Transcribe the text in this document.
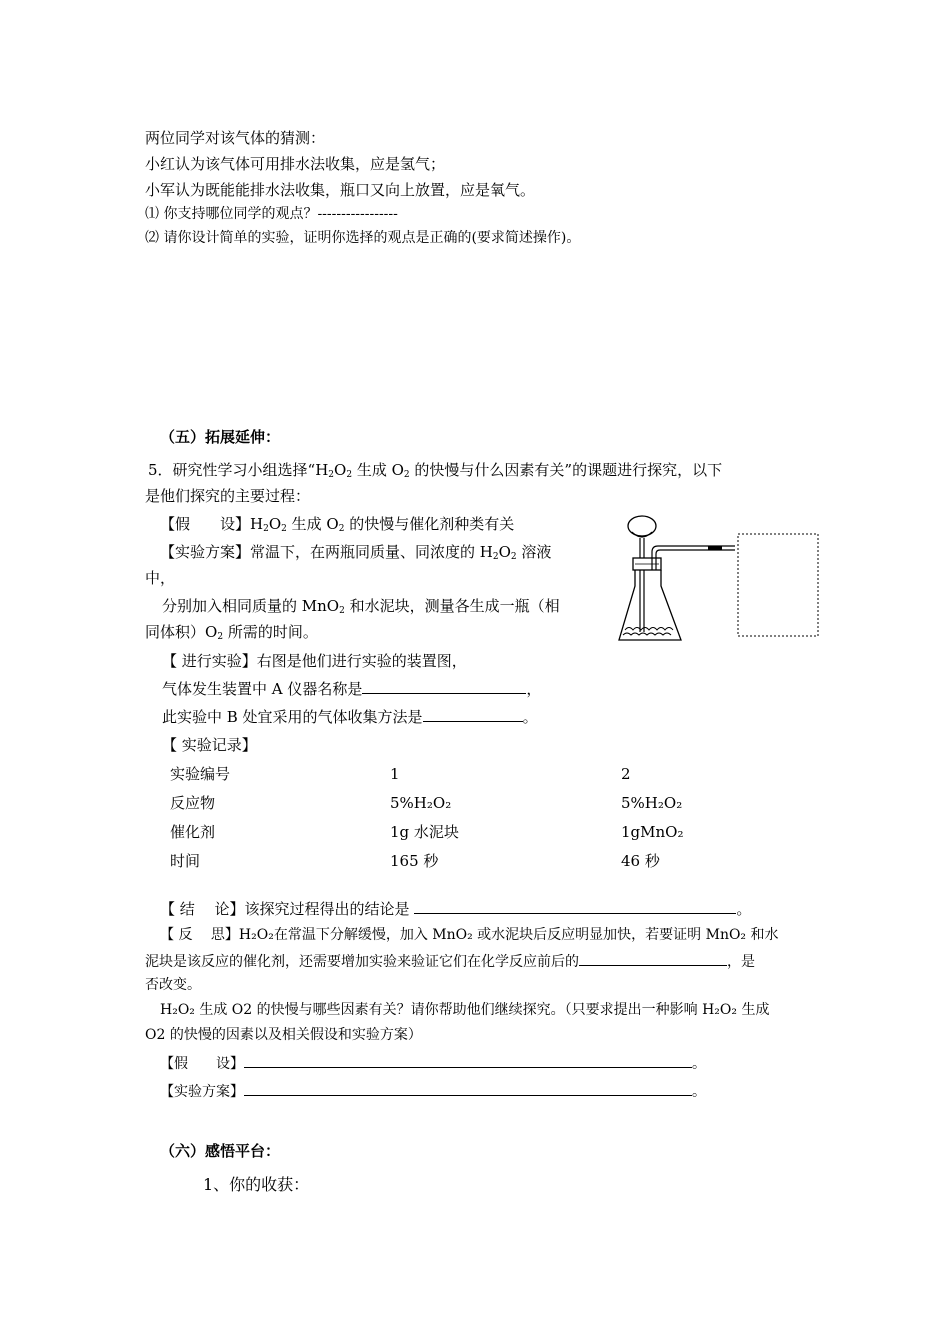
两位同学对该气体的猜测：
小红认为该气体可用排水法收集，应是氢气；
小军认为既能能排水法收集，瓶口又向上放置，应是氧气。
⑴ 你支持哪位同学的观点？-----------------
⑵ 请你设计简单的实验，证明你选择的观点是正确的(要求简述操作)。
（五）拓展延伸：
5．研究性学习小组选择“$H_2O_2$ 生成 $O_2$ 的快慢与什么因素有关”的课题进行探究，以下
是他们探究的主要过程：
【假　　设】$H_2O_2$ 生成 $O_2$ 的快慢与催化剂种类有关
【实验方案】常温下，在两瓶同质量、同浓度的 $H_2O_2$ 溶液
中，
分别加入相同质量的 MnO$_2$ 和水泥块，测量各生成一瓶（相
同体积）$O_2$ 所需的时间。
【 进行实验】右图是他们进行实验的装置图，
气体发生装置中 A 仪器名称是	，
此实验中 B 处宜采用的气体收集方法是	。
【 实验记录】
实验编号	1	2
反应物	5%H₂O₂	5%H₂O₂
催化剂	1g 水泥块	1gMnO₂
时间	165 秒	46 秒
【 结　 论】该探究过程得出的结论是	。
【 反　 思】H₂O₂在常温下分解缓慢，加入 MnO₂ 或水泥块后反应明显加快，若要证明 MnO₂ 和水
泥块是该反应的催化剂，还需要增加实验来验证它们在化学反应前后的	，是
否改变。
H₂O₂ 生成 O2 的快慢与哪些因素有关？请你帮助他们继续探究。（只要求提出一种影响 H₂O₂ 生成
O2 的快慢的因素以及相关假设和实验方案）
【假　　设】	。
【实验方案】	。
（六）感悟平台：
1、你的收获：
